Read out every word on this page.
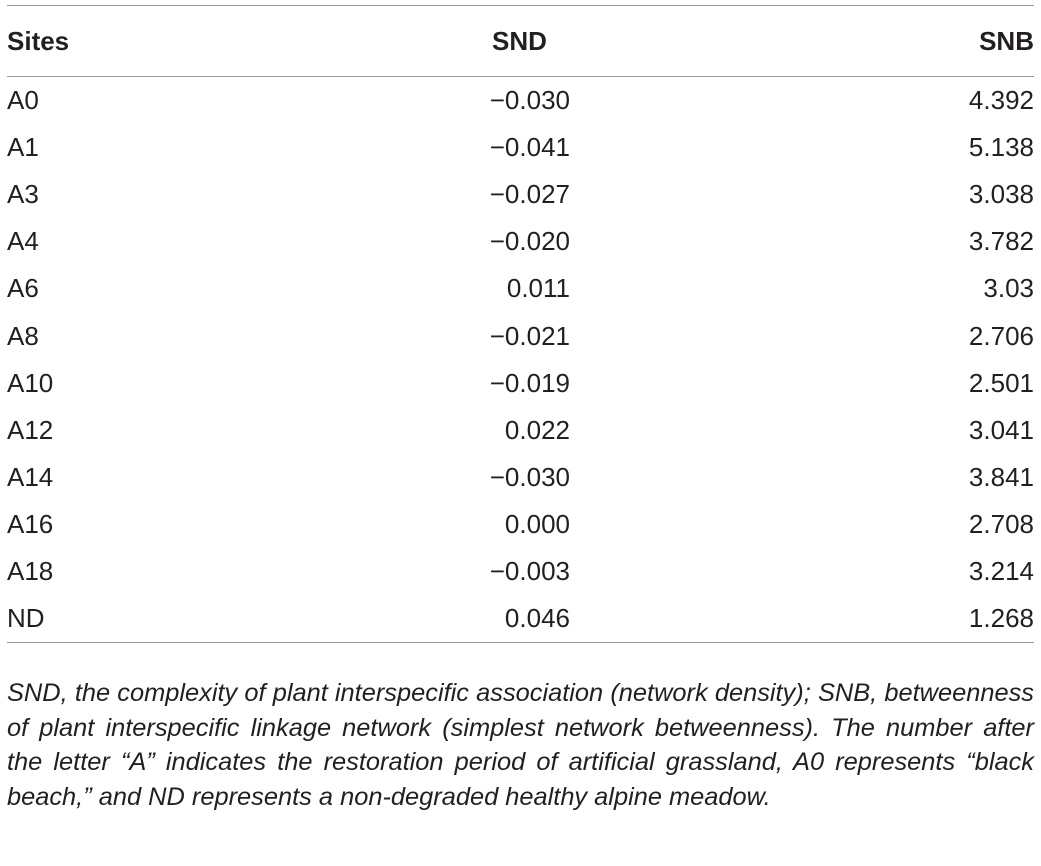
Sites	SND	SNB
A0	−0.030	4.392
A1	−0.041	5.138
A3	−0.027	3.038
A4	−0.020	3.782
A6	0.011	3.03
A8	−0.021	2.706
A10	−0.019	2.501
A12	0.022	3.041
A14	−0.030	3.841
A16	0.000	2.708
A18	−0.003	3.214
ND	0.046	1.268

SND, the complexity of plant interspecific association (network density); SNB, betweenness of plant interspecific linkage network (simplest network betweenness). The number after the letter “A” indicates the restoration period of artificial grassland, A0 represents “black beach,” and ND represents a non-degraded healthy alpine meadow.
